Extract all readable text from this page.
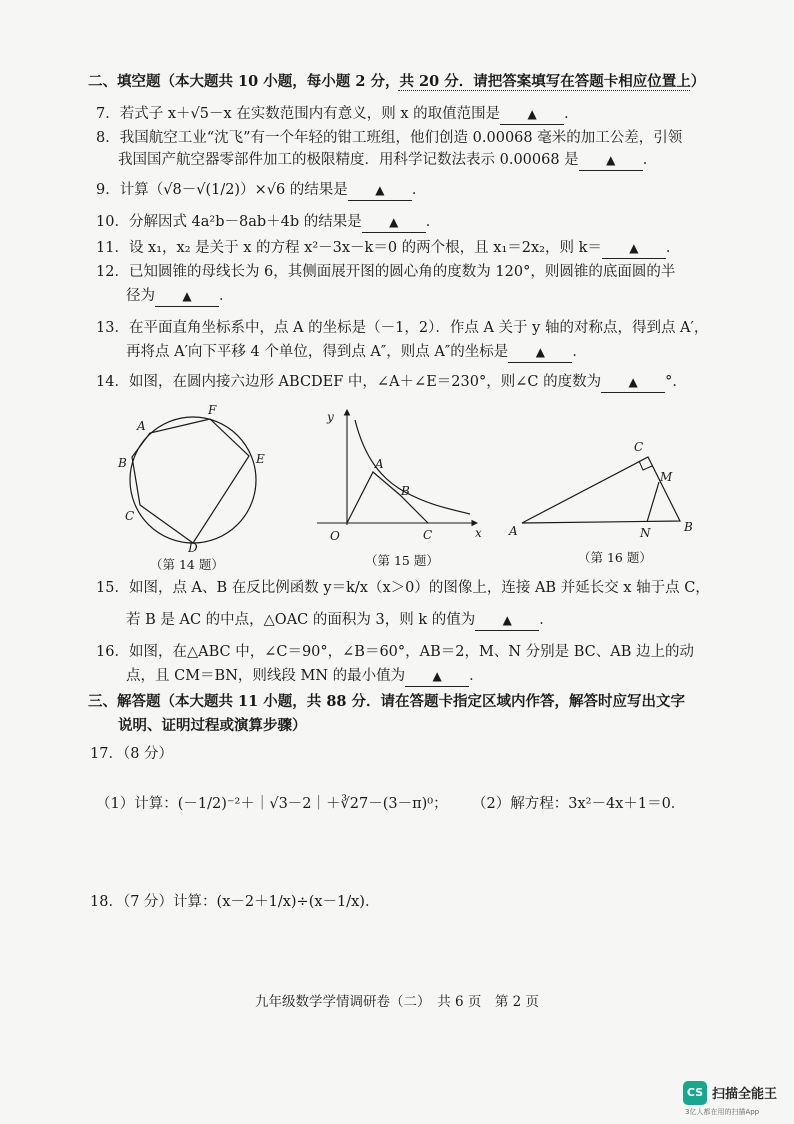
二、填空题（本大题共 10 小题，每小题 2 分，共 20 分．请把答案填写在答题卡相应位置上）
7．若式子 x＋√5－x 在实数范围内有意义，则 x 的取值范围是 ▲ ．
8．我国航空工业“沈飞”有一个年轻的钳工班组，他们创造 0.00068 毫米的加工公差，引领
我国国产航空器零部件加工的极限精度．用科学记数法表示 0.00068 是 ▲ ．
9．计算（√8－√(1/2)）×√6 的结果是 ▲ ．
10．分解因式 4a²b－8ab＋4b 的结果是 ▲ ．
11．设 x₁，x₂ 是关于 x 的方程 x²－3x－k＝0 的两个根，且 x₁＝2x₂，则 k＝ ▲ ．
12．已知圆锥的母线长为 6，其侧面展开图的圆心角的度数为 120°，则圆锥的底面圆的半
径为 ▲ ．
13．在平面直角坐标系中，点 A 的坐标是（－1，2）．作点 A 关于 y 轴的对称点，得到点 A′，
再将点 A′向下平移 4 个单位，得到点 A″，则点 A″的坐标是 ▲ ．
14．如图，在圆内接六边形 ABCDEF 中，∠A＋∠E＝230°，则∠C 的度数为 ▲ °．
A
F
B	E
C
D
（第 14 题）
y
x
O
A
B
C
（第 15 题）
A	B
C
M
N
（第 16 题）
15．如图，点 A、B 在反比例函数 y＝k/x（x＞0）的图像上，连接 AB 并延长交 x 轴于点 C，
若 B 是 AC 的中点，△OAC 的面积为 3，则 k 的值为 ▲ ．
16．如图，在△ABC 中，∠C＝90°，∠B＝60°，AB＝2，M、N 分别是 BC、AB 边上的动
点，且 CM＝BN，则线段 MN 的最小值为 ▲ ．
三、解答题（本大题共 11 小题，共 88 分．请在答题卡指定区域内作答，解答时应写出文字
说明、证明过程或演算步骤）
17．（8 分）
（1）计算：(－1/2)⁻²＋｜√3－2｜＋∛27－(3－π)⁰； （2）解方程：3x²－4x＋1＝0．
18．（7 分）计算：(x－2＋1/x)÷(x－1/x)．
九年级数学学情调研卷（二）　共 6 页　第 2 页
CS 扫描全能王
3亿人都在用的扫描App
